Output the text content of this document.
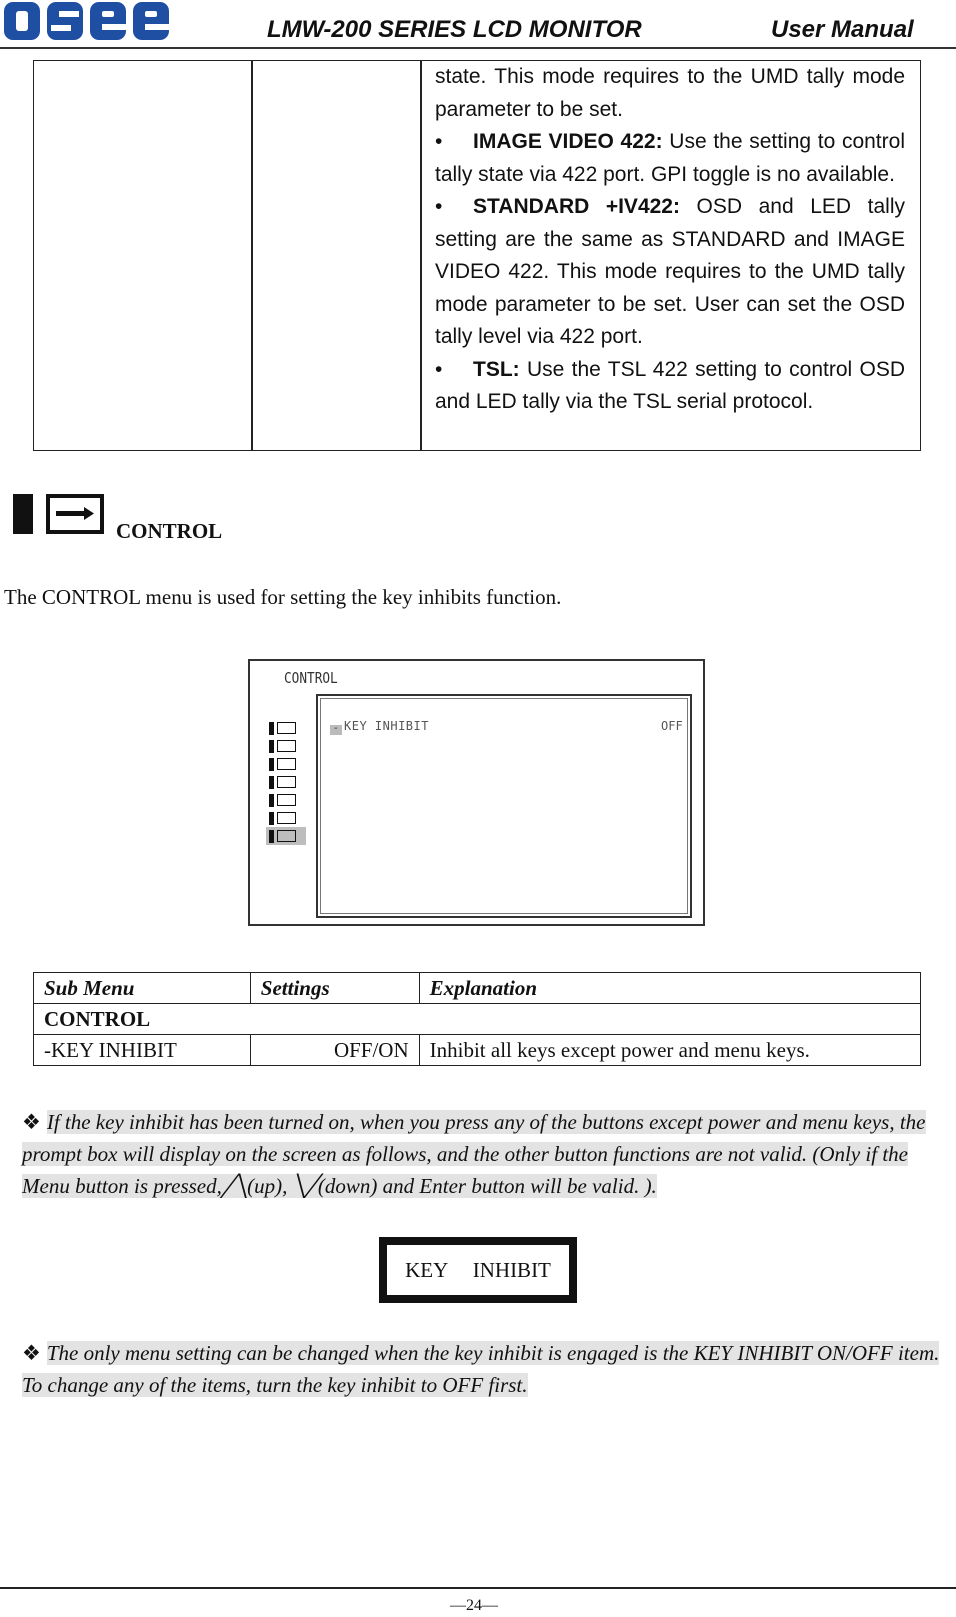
LMW-200 SERIES LCD MONITOR	User Manual

state. This mode requires to the UMD tally mode parameter to be set.

• IMAGE VIDEO 422: Use the setting to control tally state via 422 port. GPI toggle is no available.

• STANDARD +IV422: OSD and LED tally setting are the same as STANDARD and IMAGE VIDEO 422. This mode requires to the UMD tally mode parameter to be set. User can set the OSD tally level via 422 port.

• TSL: Use the TSL 422 setting to control OSD and LED tally via the TSL serial protocol.

CONTROL
The CONTROL menu is used for setting the key inhibits function.
CONTROL
- KEY INHIBIT	OFF
Sub Menu	Settings	Explanation
CONTROL		
-KEY INHIBIT	OFF/ON	Inhibit all keys except power and menu keys.
❖ If the key inhibit has been turned on, when you press any of the buttons except power and menu keys, the prompt box will display on the screen as follows, and the other button functions are not valid. (Only if the Menu button is pressed,╱╲(up), ╲╱(down) and Enter button will be valid. ).
KEY INHIBIT
❖ The only menu setting can be changed when the key inhibit is engaged is the KEY INHIBIT ON/OFF item. To change any of the items, turn the key inhibit to OFF first.
—24—
